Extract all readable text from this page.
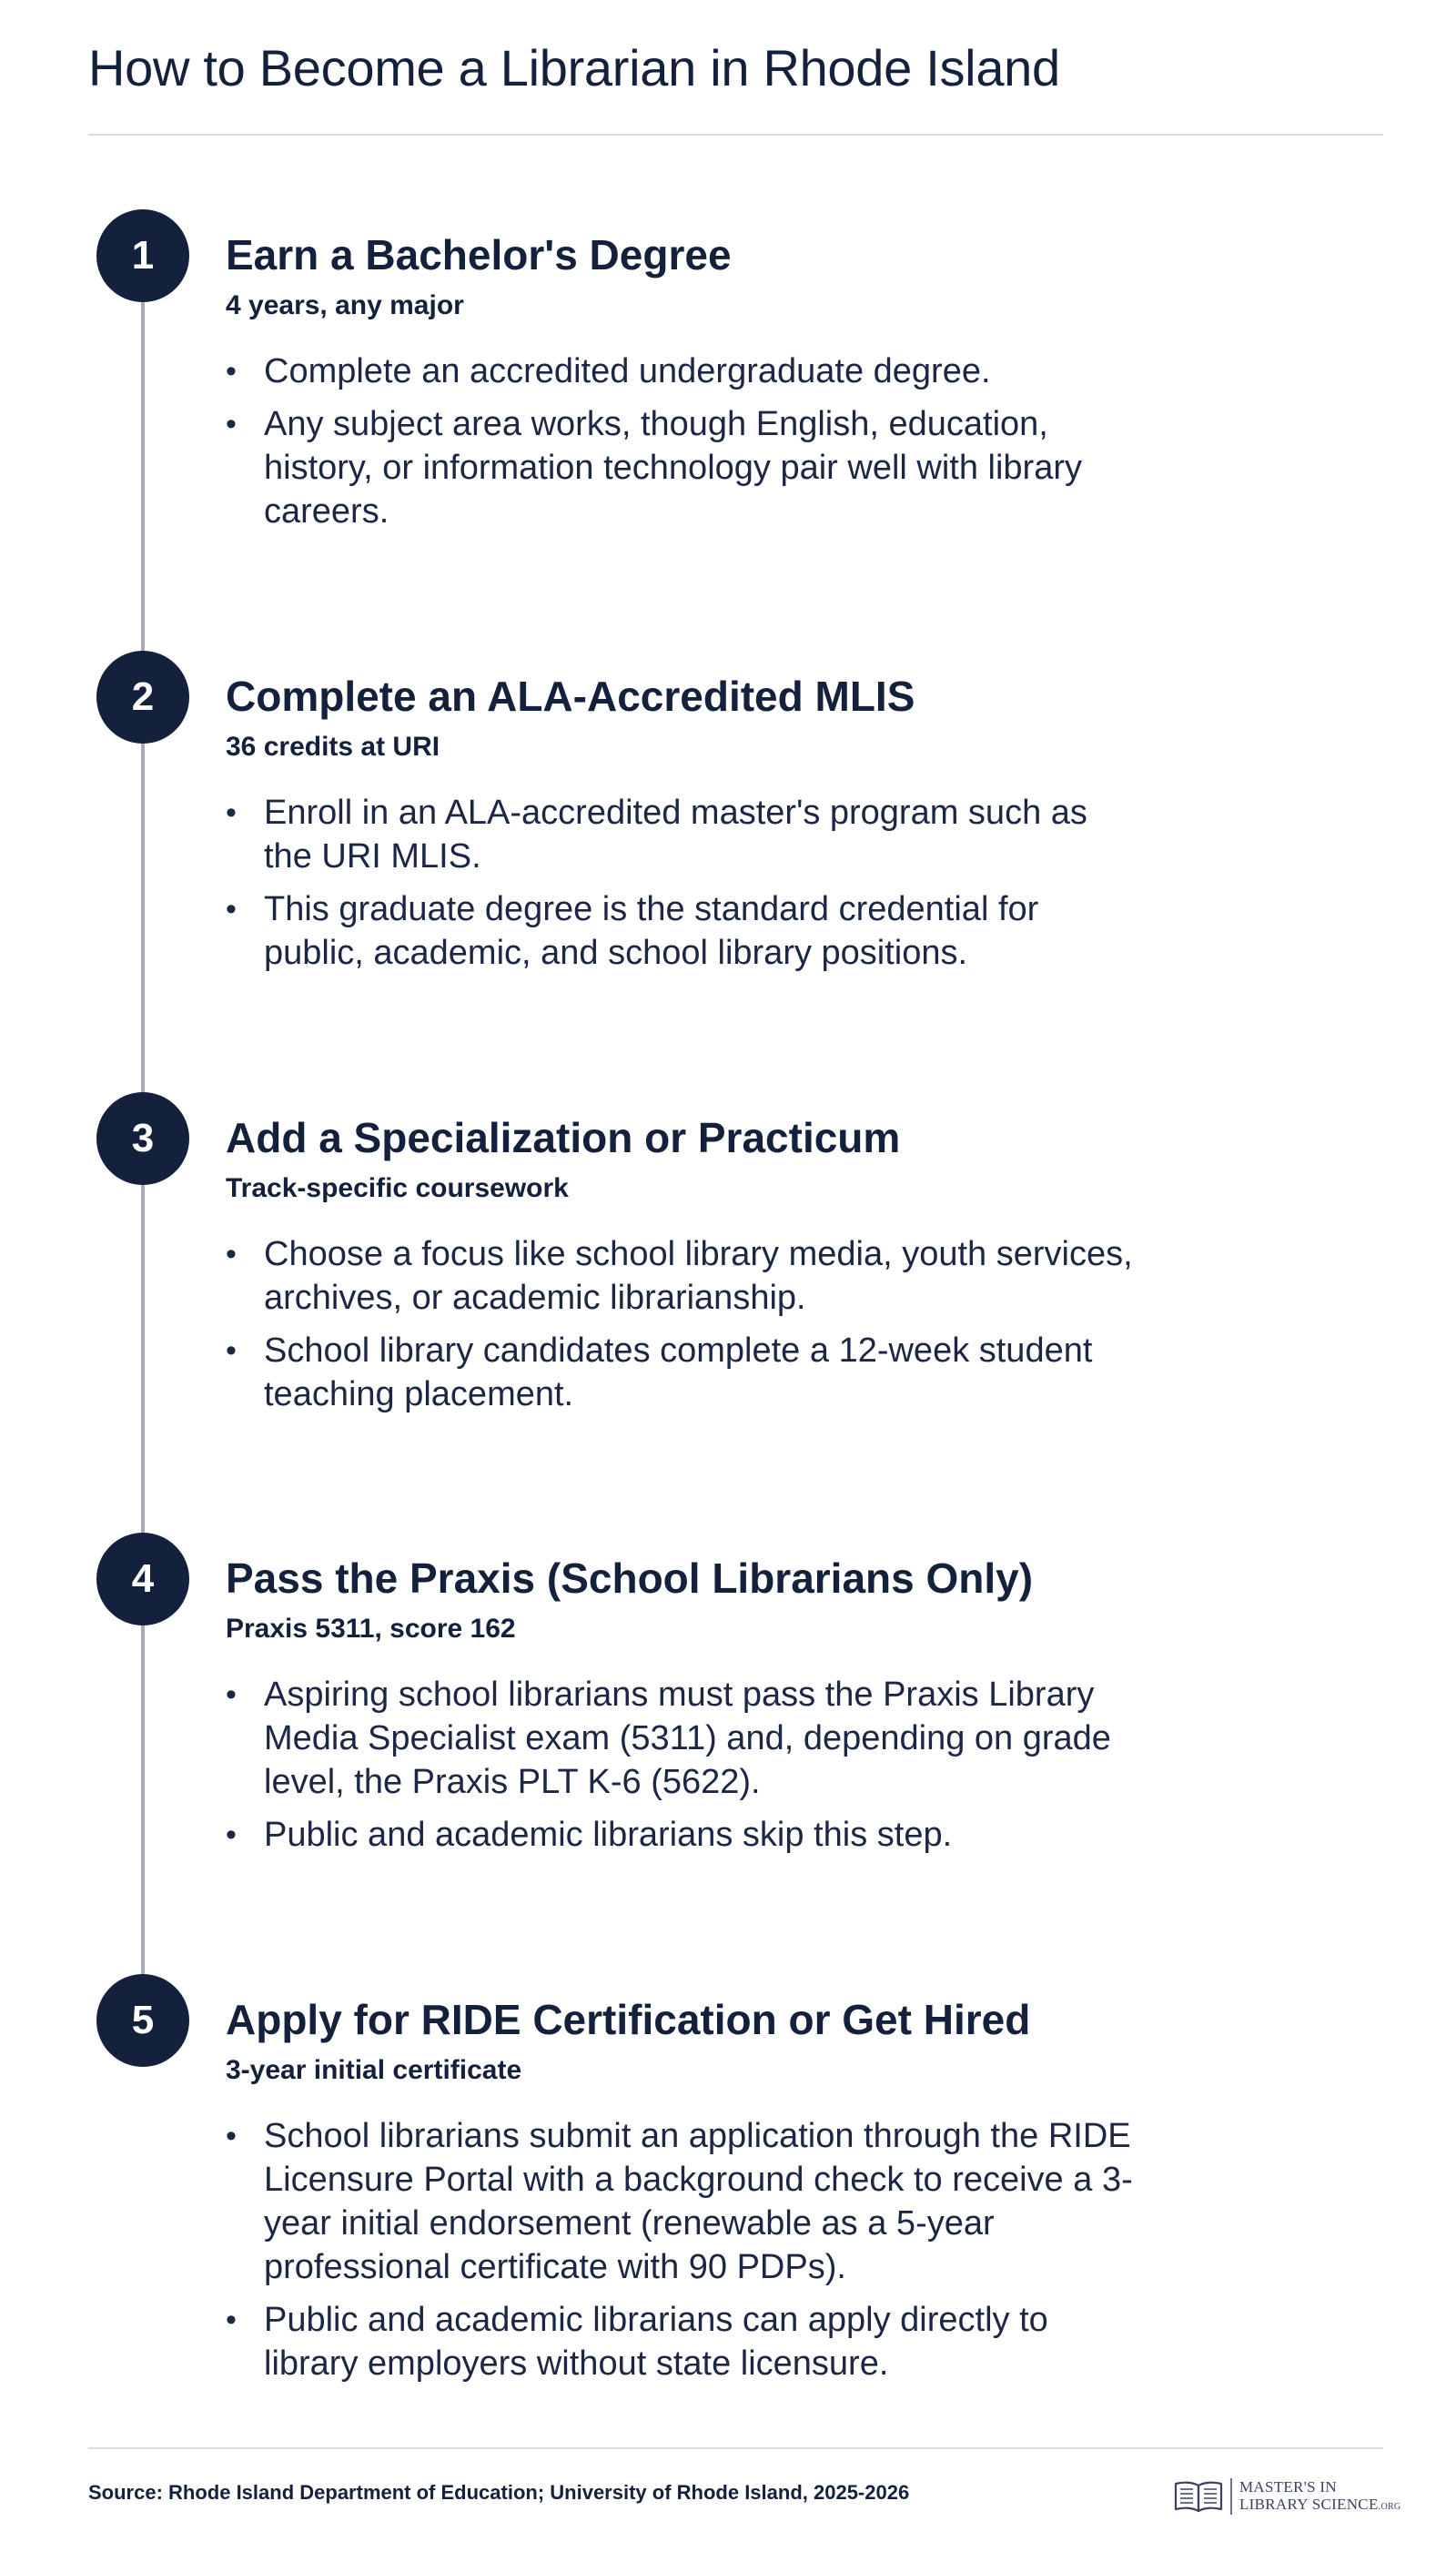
How to Become a Librarian in Rhode Island
1	Earn a Bachelor's Degree
4 years, any major
• Complete an accredited undergraduate degree.
• Any subject area works, though English, education, history, or information technology pair well with library careers.
2	Complete an ALA-Accredited MLIS
36 credits at URI
• Enroll in an ALA-accredited master's program such as the URI MLIS.
• This graduate degree is the standard credential for public, academic, and school library positions.
3	Add a Specialization or Practicum
Track-specific coursework
• Choose a focus like school library media, youth services, archives, or academic librarianship.
• School library candidates complete a 12-week student teaching placement.
4	Pass the Praxis (School Librarians Only)
Praxis 5311, score 162
• Aspiring school librarians must pass the Praxis Library Media Specialist exam (5311) and, depending on grade level, the Praxis PLT K-6 (5622).
• Public and academic librarians skip this step.
5	Apply for RIDE Certification or Get Hired
3-year initial certificate
• School librarians submit an application through the RIDE Licensure Portal with a background check to receive a 3-year initial endorsement (renewable as a 5-year professional certificate with 90 PDPs).
• Public and academic librarians can apply directly to library employers without state licensure.
Source: Rhode Island Department of Education; University of Rhode Island, 2025-2026	MASTER'S IN
LIBRARY SCIENCE.ORG
